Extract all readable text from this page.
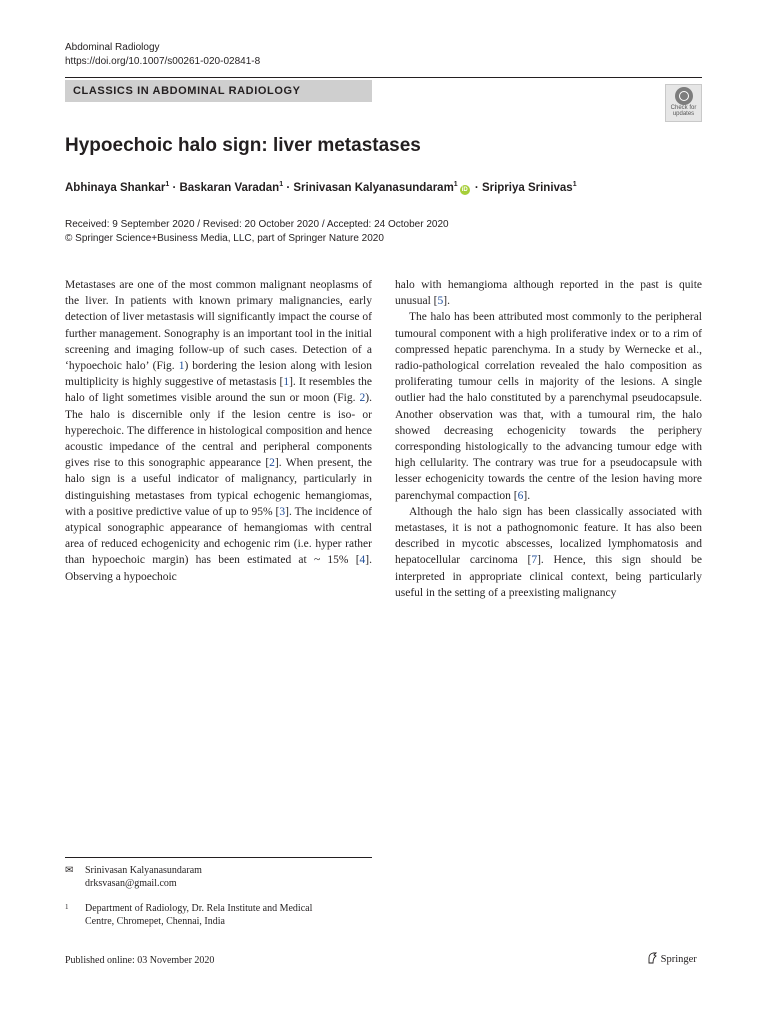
Abdominal Radiology
https://doi.org/10.1007/s00261-020-02841-8
CLASSICS IN ABDOMINAL RADIOLOGY
Check for
updates
Hypoechoic halo sign: liver metastases
Abhinaya Shankar$^1$ · Baskaran Varadan$^1$ · Srinivasan Kalyanasundaram$^1$iD · Sripriya Srinivas$^1$
Received: 9 September 2020 / Revised: 20 October 2020 / Accepted: 24 October 2020
© Springer Science+Business Media, LLC, part of Springer Nature 2020

Metastases are one of the most common malignant neoplasms of the liver. In patients with known primary malignancies, early detection of liver metastasis will significantly impact the course of further management. Sonography is an important tool in the initial screening and imaging follow-up of such cases. Detection of a ‘hypoechoic halo’ (Fig. 1) bordering the lesion along with lesion multiplicity is highly suggestive of metastasis [1]. It resembles the halo of light sometimes visible around the sun or moon (Fig. 2). The halo is discernible only if the lesion centre is iso- or hyperechoic. The difference in histological composition and hence acoustic impedance of the central and peripheral components gives rise to this sonographic appearance [2]. When present, the halo sign is a useful indicator of malignancy, particularly in distinguishing metastases from typical echogenic hemangiomas, with a positive predictive value of up to 95% [3]. The incidence of atypical sonographic appearance of hemangiomas with central area of reduced echogenicity and echogenic rim (i.e. hyper rather than hypoechoic margin) has been estimated at ~ 15% [4]. Observing a hypoechoic

halo with hemangioma although reported in the past is quite unusual [5].

The halo has been attributed most commonly to the peripheral tumoural component with a high proliferative index or to a rim of compressed hepatic parenchyma. In a study by Wernecke et al., radio-pathological correlation revealed the halo composition as proliferating tumour cells in majority of the lesions. A single outlier had the halo constituted by a parenchymal pseudocapsule. Another observation was that, with a tumoural rim, the halo showed decreasing echogenicity towards the periphery corresponding histologically to the advancing tumour edge with high cellularity. The contrary was true for a pseudocapsule with lesser echogenicity towards the centre of the lesion having more parenchymal compaction [6].

Although the halo sign has been classically associated with metastases, it is not a pathognomonic feature. It has also been described in mycotic abscesses, localized lymphomatosis and hepatocellular carcinoma [7]. Hence, this sign should be interpreted in appropriate clinical context, being particularly useful in the setting of a preexisting malignancy

✉ Srinivasan Kalyanasundaram
drksvasan@gmail.com
1 Department of Radiology, Dr. Rela Institute and Medical
Centre, Chromepet, Chennai, India
Published online: 03 November 2020	Springer
